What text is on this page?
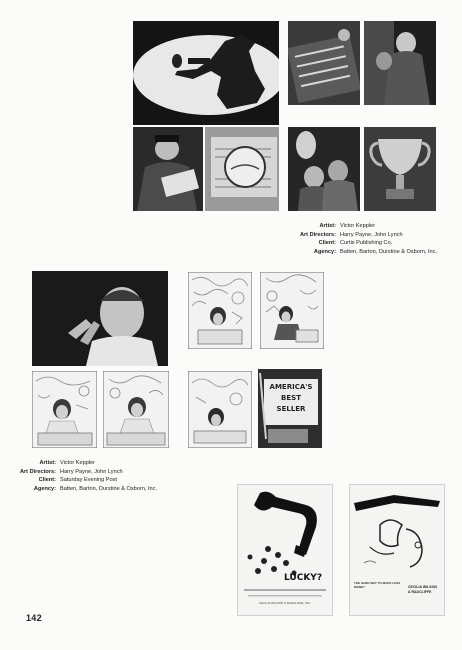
Artist: Victor Keppler
Art Directors: Harry Payne, John Lynch
Client: Curtis Publishing Co.
Agency: Batten, Barton, Durstine & Osborn, Inc.
AMERICA'S
BEST
SELLER
Artist: Victor Keppler
Art Directors: Harry Payne, John Lynch
Client: Saturday Evening Post
Agency: Batten, Barton, Durstine & Osborn, Inc.
LUCKY?
CECILIA WILSON & RADCLIFFE, INC.
THE HARD WAY TO MAKE LESS MONEY	CECILIA WILSON
& RADCLIFFE
142
